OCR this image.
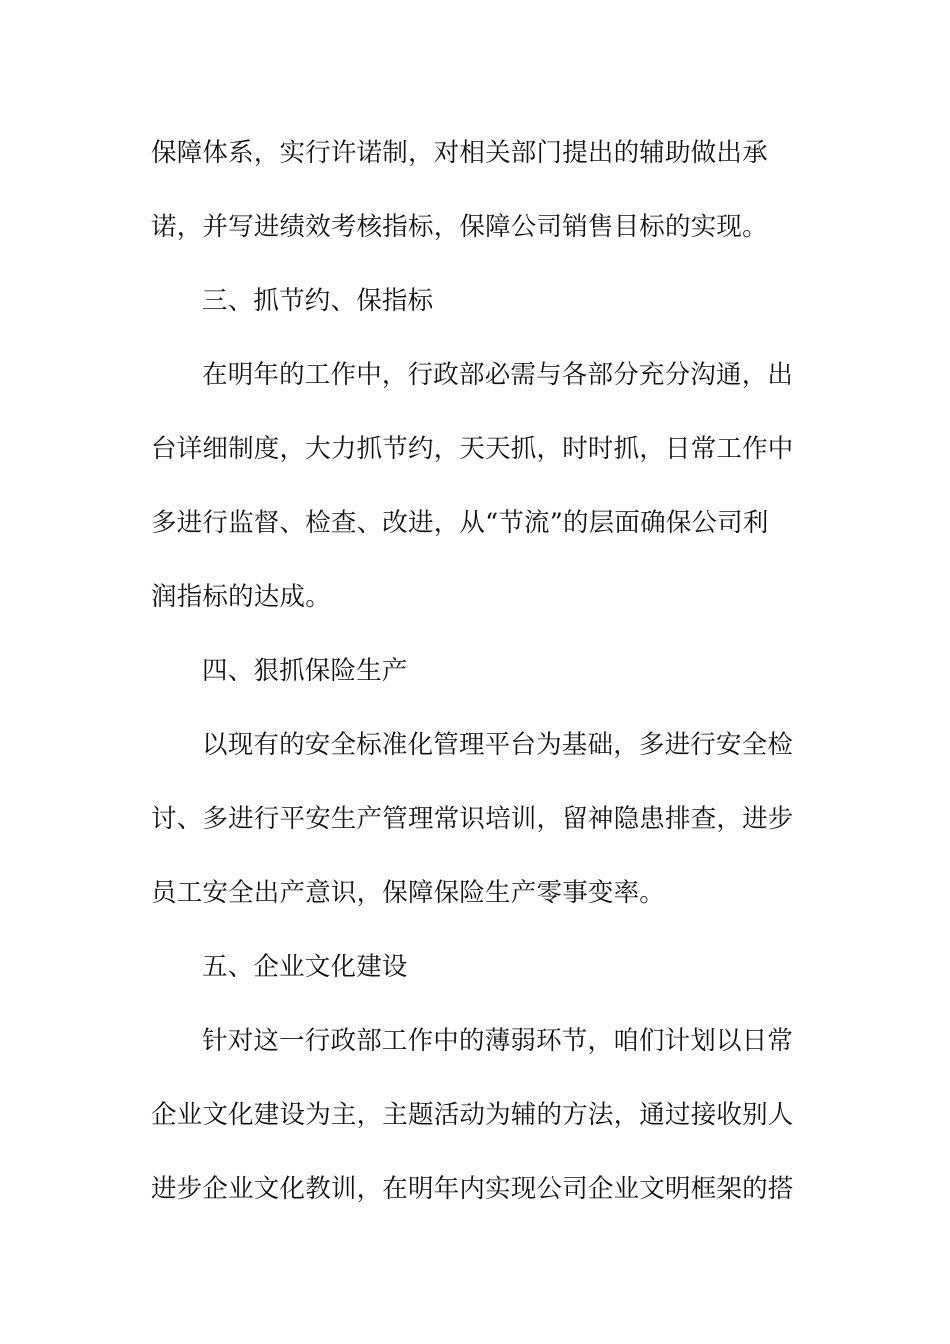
保障体系，实行许诺制，对相关部门提出的辅助做出承
诺，并写进绩效考核指标，保障公司销售目标的实现。
三、抓节约、保指标
在明年的工作中，行政部必需与各部分充分沟通，出
台详细制度，大力抓节约，天天抓，时时抓，日常工作中
多进行监督、检查、改进，从“节流”的层面确保公司利
润指标的达成。
四、狠抓保险生产
以现有的安全标准化管理平台为基础，多进行安全检
讨、多进行平安生产管理常识培训，留神隐患排查，进步
员工安全出产意识，保障保险生产零事变率。
五、企业文化建设
针对这一行政部工作中的薄弱环节，咱们计划以日常
企业文化建设为主，主题活动为辅的方法，通过接收别人
进步企业文化教训，在明年内实现公司企业文明框架的搭
